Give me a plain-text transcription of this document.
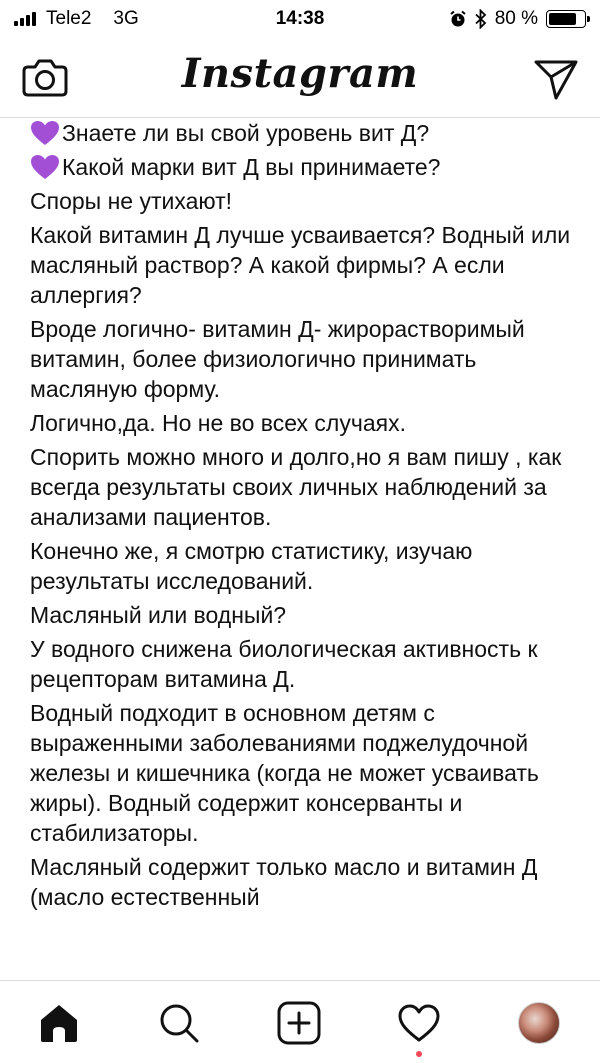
Tele2 3G	14:38	80 %
Instagram

Знаете ли вы свой уровень вит Д?

Какой марки вит Д вы принимаете?

Споры не утихают!

Какой витамин Д лучше усваивается? Водный или масляный раствор? А какой фирмы? А если аллергия?

Вроде логично- витамин Д- жирорастворимый витамин, более физиологично принимать масляную форму.

Логично,да. Но не во всех случаях.

Спорить можно много и долго,но я вам пишу , как всегда результаты своих личных наблюдений за анализами пациентов.

Конечно же, я смотрю статистику, изучаю результаты исследований.

Масляный или водный?

У водного снижена биологическая активность к рецепторам витамина Д.

Водный подходит в основном детям с выраженными заболеваниями поджелудочной железы и кишечника (когда не может усваивать жиры). Водный содержит консерванты и стабилизаторы.

Масляный содержит только масло и витамин Д (масло естественный
